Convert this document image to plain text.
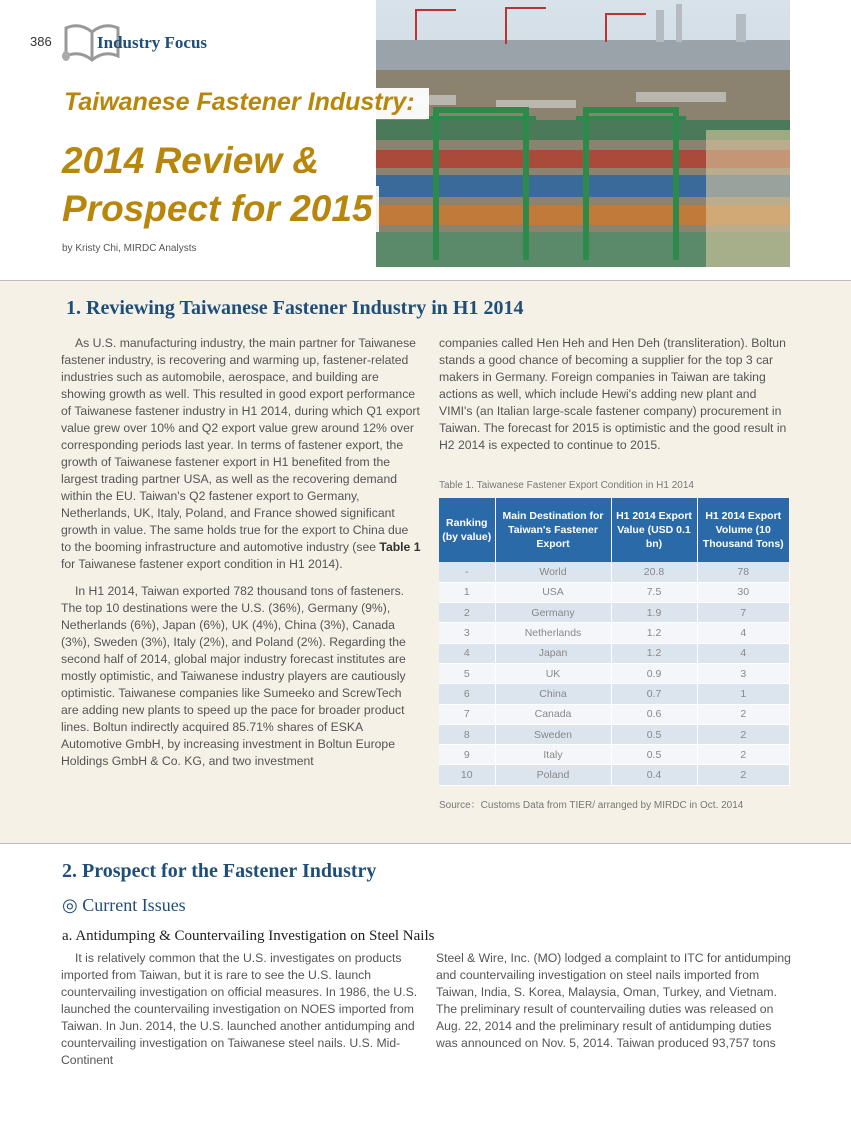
386	Industry Focus
Taiwanese Fastener Industry:
2014 Review &
Prospect for 2015
by Kristy Chi, MIRDC Analysts
1. Reviewing Taiwanese Fastener Industry in H1 2014

As U.S. manufacturing industry, the main partner for Taiwanese fastener industry, is recovering and warming up, fastener-related industries such as automobile, aerospace, and building are showing growth as well. This resulted in good export performance of Taiwanese fastener industry in H1 2014, during which Q1 export value grew over 10% and Q2 export value grew around 12% over corresponding periods last year. In terms of fastener export, the growth of Taiwanese fastener export in H1 benefited from the largest trading partner USA, as well as the recovering demand within the EU. Taiwan's Q2 fastener export to Germany, Netherlands, UK, Italy, Poland, and France showed significant growth in value. The same holds true for the export to China due to the booming infrastructure and automotive industry (see Table 1 for Taiwanese fastener export condition in H1 2014).

In H1 2014, Taiwan exported 782 thousand tons of fasteners. The top 10 destinations were the U.S. (36%), Germany (9%), Netherlands (6%), Japan (6%), UK (4%), China (3%), Canada (3%), Sweden (3%), Italy (2%), and Poland (2%). Regarding the second half of 2014, global major industry forecast institutes are mostly optimistic, and Taiwanese industry players are cautiously optimistic. Taiwanese companies like Sumeeko and ScrewTech are adding new plants to speed up the pace for broader product lines. Boltun indirectly acquired 85.71% shares of ESKA Automotive GmbH, by increasing investment in Boltun Europe Holdings GmbH & Co. KG, and two investment

companies called Hen Heh and Hen Deh (transliteration). Boltun stands a good chance of becoming a supplier for the top 3 car makers in Germany. Foreign companies in Taiwan are taking actions as well, which include Hewi's adding new plant and VIMI's (an Italian large-scale fastener company) procurement in Taiwan. The forecast for 2015 is optimistic and the good result in H2 2014 is expected to continue to 2015.

Table 1. Taiwanese Fastener Export Condition in H1 2014
Ranking (by value)	Main Destination for Taiwan's Fastener Export	H1 2014 Export Value (USD 0.1 bn)	H1 2014 Export Volume (10 Thousand Tons)
-	World	20.8	78
1	USA	7.5	30
2	Germany	1.9	7
3	Netherlands	1.2	4
4	Japan	1.2	4
5	UK	0.9	3
6	China	0.7	1
7	Canada	0.6	2
8	Sweden	0.5	2
9	Italy	0.5	2
10	Poland	0.4	2
Source：Customs Data from TIER/ arranged by MIRDC in Oct. 2014
2. Prospect for the Fastener Industry
◎ Current Issues
a. Antidumping & Countervailing Investigation on Steel Nails

It is relatively common that the U.S. investigates on products imported from Taiwan, but it is rare to see the U.S. launch countervailing investigation on official measures. In 1986, the U.S. launched the countervailing investigation on NOES imported from Taiwan. In Jun. 2014, the U.S. launched another antidumping and countervailing investigation on Taiwanese steel nails. U.S. Mid-Continent

Steel & Wire, Inc. (MO) lodged a complaint to ITC for antidumping and countervailing investigation on steel nails imported from Taiwan, India, S. Korea, Malaysia, Oman, Turkey, and Vietnam. The preliminary result of countervailing duties was released on Aug. 22, 2014 and the preliminary result of antidumping duties was announced on Nov. 5, 2014. Taiwan produced 93,757 tons
